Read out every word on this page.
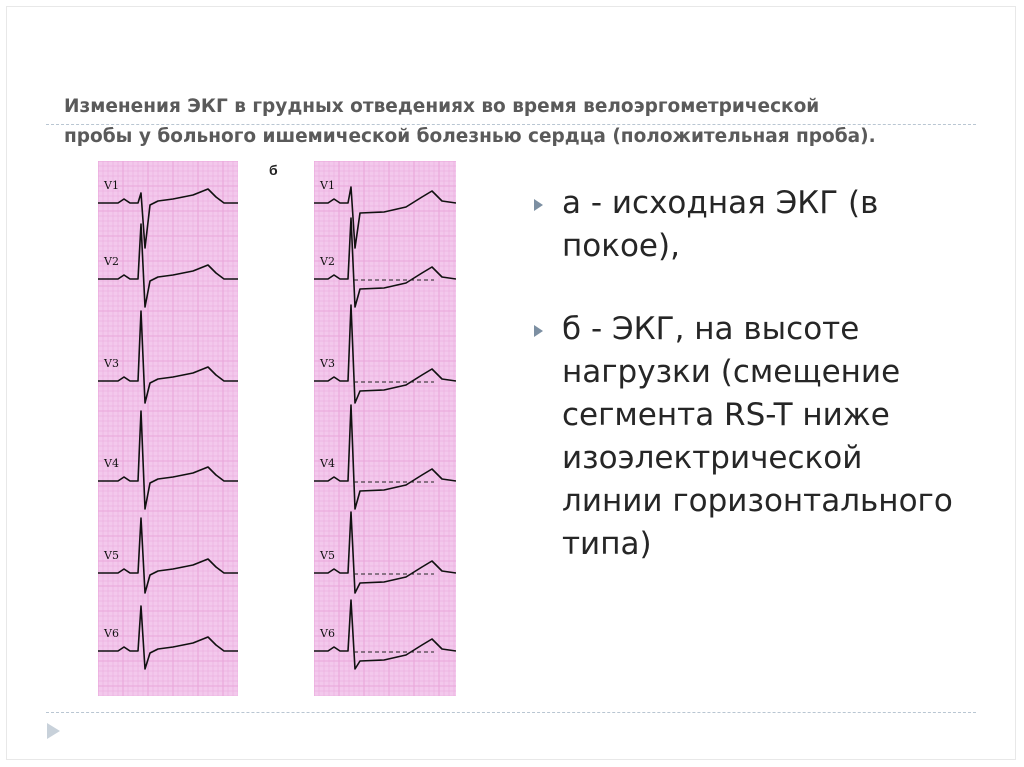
Изменения ЭКГ в грудных отведениях во время велоэргометрической
пробы у больного ишемической болезнью сердца (положительная проба).
V1
V2
V3
V4
V5
V6
б
V1
V2
V3
V4
V5
V6
а - исходная ЭКГ (в покое),
б - ЭКГ, на высоте нагрузки (смещение сегмента RS-T ниже изоэлектрической линии горизонтального типа)
